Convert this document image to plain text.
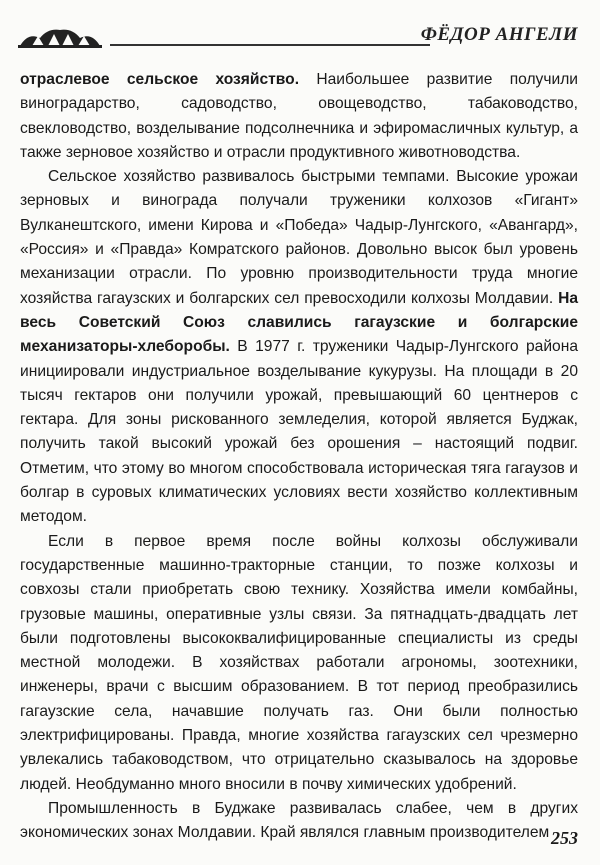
ФЁДОР АНГЕЛИ

отраслевое сельское хозяйство. Наибольшее развитие получили виноградарство, садоводство, овощеводство, табаководство, свекловодство, возделывание подсолнечника и эфиромасличных культур, а также зерновое хозяйство и отрасли продуктивного животноводства.

Сельское хозяйство развивалось быстрыми темпами. Высокие урожаи зерновых и винограда получали труженики колхозов «Гигант» Вулканештского, имени Кирова и «Победа» Чадыр-Лунгского, «Авангард», «Россия» и «Правда» Комратского районов. Довольно высок был уровень механизации отрасли. По уровню производительности труда многие хозяйства гагаузских и болгарских сел превосходили колхозы Молдавии. На весь Советский Союз славились гагаузские и болгарские механизаторы-хлеборобы. В 1977 г. труженики Чадыр-Лунгского района инициировали индустриальное возделывание кукурузы. На площади в 20 тысяч гектаров они получили урожай, превышающий 60 центнеров с гектара. Для зоны рискованного земледелия, которой является Буджак, получить такой высокий урожай без орошения – настоящий подвиг. Отметим, что этому во многом способствовала историческая тяга гагаузов и болгар в суровых климатических условиях вести хозяйство коллективным методом.

Если в первое время после войны колхозы обслуживали государственные машинно-тракторные станции, то позже колхозы и совхозы стали приобретать свою технику. Хозяйства имели комбайны, грузовые машины, оперативные узлы связи. За пятнадцать-двадцать лет были подготовлены высококвалифицированные специалисты из среды местной молодежи. В хозяйствах работали агрономы, зоотехники, инженеры, врачи с высшим образованием. В тот период преобразились гагаузские села, начавшие получать газ. Они были полностью электрифицированы. Правда, многие хозяйства гагаузских сел чрезмерно увлекались табаководством, что отрицательно сказывалось на здоровье людей. Необдуманно много вносили в почву химических удобрений.

Промышленность в Буджаке развивалась слабее, чем в других экономических зонах Молдавии. Край являлся главным производителем 253
